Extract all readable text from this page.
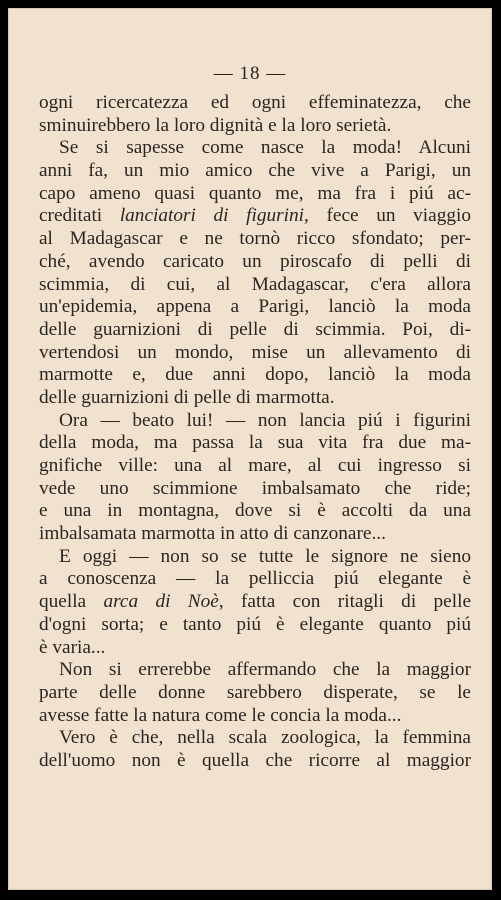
— 18 —
ogni ricercatezza ed ogni effeminatezza, che
sminuirebbero la loro dignità e la loro serietà.
Se si sapesse come nasce la moda! Alcuni
anni fa, un mio amico che vive a Parigi, un
capo ameno quasi quanto me, ma fra i piú ac-
creditati lanciatori di figurini, fece un viaggio
al Madagascar e ne tornò ricco sfondato; per-
ché, avendo caricato un piroscafo di pelli di
scimmia, di cui, al Madagascar, c'era allora
un'epidemia, appena a Parigi, lanciò la moda
delle guarnizioni di pelle di scimmia. Poi, di-
vertendosi un mondo, mise un allevamento di
marmotte e, due anni dopo, lanciò la moda
delle guarnizioni di pelle di marmotta.
Ora — beato lui! — non lancia piú i figurini
della moda, ma passa la sua vita fra due ma-
gnifiche ville: una al mare, al cui ingresso si
vede uno scimmione imbalsamato che ride;
e una in montagna, dove si è accolti da una
imbalsamata marmotta in atto di canzonare...
E oggi — non so se tutte le signore ne sieno
a conoscenza — la pelliccia piú elegante è
quella arca di Noè, fatta con ritagli di pelle
d'ogni sorta; e tanto piú è elegante quanto piú
è varia...
Non si errerebbe affermando che la maggior
parte delle donne sarebbero disperate, se le
avesse fatte la natura come le concia la moda...
Vero è che, nella scala zoologica, la femmina
dell'uomo non è quella che ricorre al maggior
